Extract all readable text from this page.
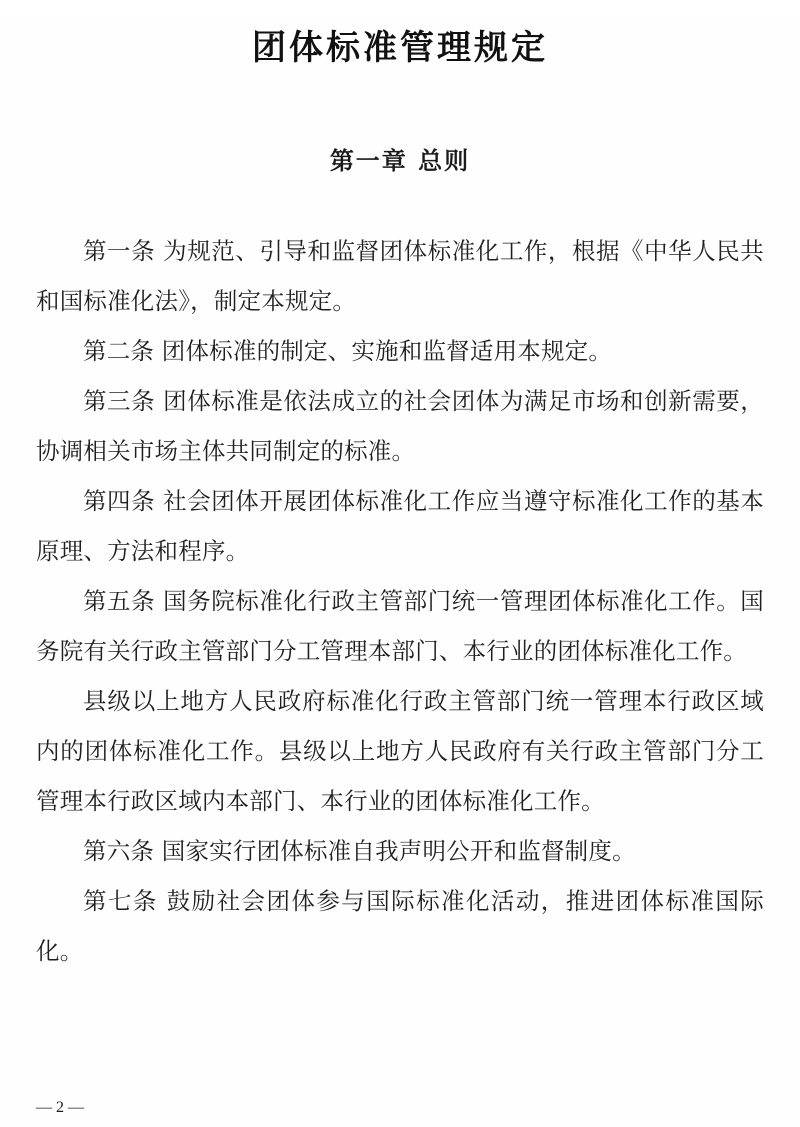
团体标准管理规定
第一章 总则

第一条 为规范、引导和监督团体标准化工作，根据《中华人民共和国标准化法》，制定本规定。

第二条 团体标准的制定、实施和监督适用本规定。

第三条 团体标准是依法成立的社会团体为满足市场和创新需要，协调相关市场主体共同制定的标准。

第四条 社会团体开展团体标准化工作应当遵守标准化工作的基本原理、方法和程序。

第五条 国务院标准化行政主管部门统一管理团体标准化工作。国务院有关行政主管部门分工管理本部门、本行业的团体标准化工作。

县级以上地方人民政府标准化行政主管部门统一管理本行政区域内的团体标准化工作。县级以上地方人民政府有关行政主管部门分工管理本行政区域内本部门、本行业的团体标准化工作。

第六条 国家实行团体标准自我声明公开和监督制度。

第七条 鼓励社会团体参与国际标准化活动，推进团体标准国际化。

— 2 —
